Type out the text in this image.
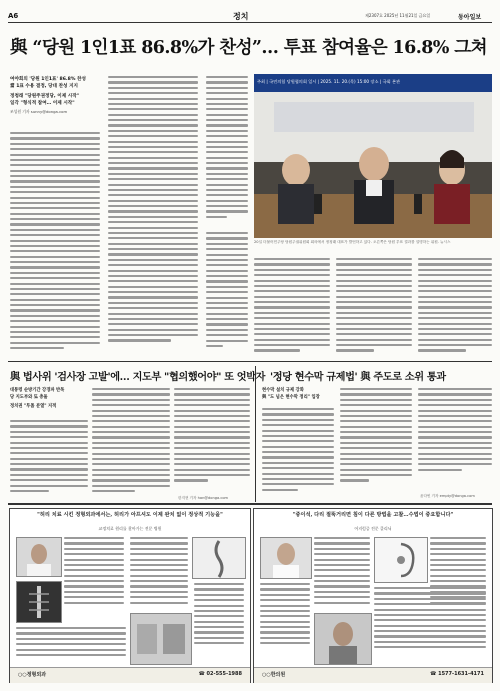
A6	정치	제2307호 2025년 11월21일 금요일	동아일보
與 “당원 1인1표 86.8%가 찬성”… 투표 참여율은 16.8% 그쳐
여야회의 '당원 1인1표' 86.8% 찬성
當 1표 수용 결정, 당대 찬성 지지
정청래 "당원주권정당, 이제 시작"
일각 "형식적 참여… 이제 시작"
조성원 기자 sunny@donga.com
주최 | 국민의힘 당원협의회 일시 | 2025. 11. 20.(목) 15:00 장소 | 국회 본관
20일 더불어민주당 당원주권위원회 회의에서 정청래 대표가 발언하고 있다. 오른쪽은 당원 투표 결과를 설명하는 위원. 뉴시스
與 법사위 '검사장 고발'에… 지도부 "협의했어야" 또 엇박자
대통령 순방기간 강경파 반목
당 지도부와 또 충돌
정치권 "투톱 분열" 지적
한지현 기자 han@donga.com
'정당 현수막 규제법' 與 주도로 소위 통과
현수막 설치 규제 강화
與 "도 넘은 현수막 정리" 입장
윤다빈 기자 empty@donga.com
"허리 치료 시킨 정형외과에서는, 허리가 아프셔도 이제 완치 없이 정상적 기능을"
교정치료 원리를 찾아가는 전문 병원
○○정형외과	☎ 02-555-1988
"중이석, 다리 절뚝거리면 침이 다른 방법을 고찰…수법이 중요합니다"
어지럼증 전문 클리닉
○○한의원	☎ 1577-1631-4171
